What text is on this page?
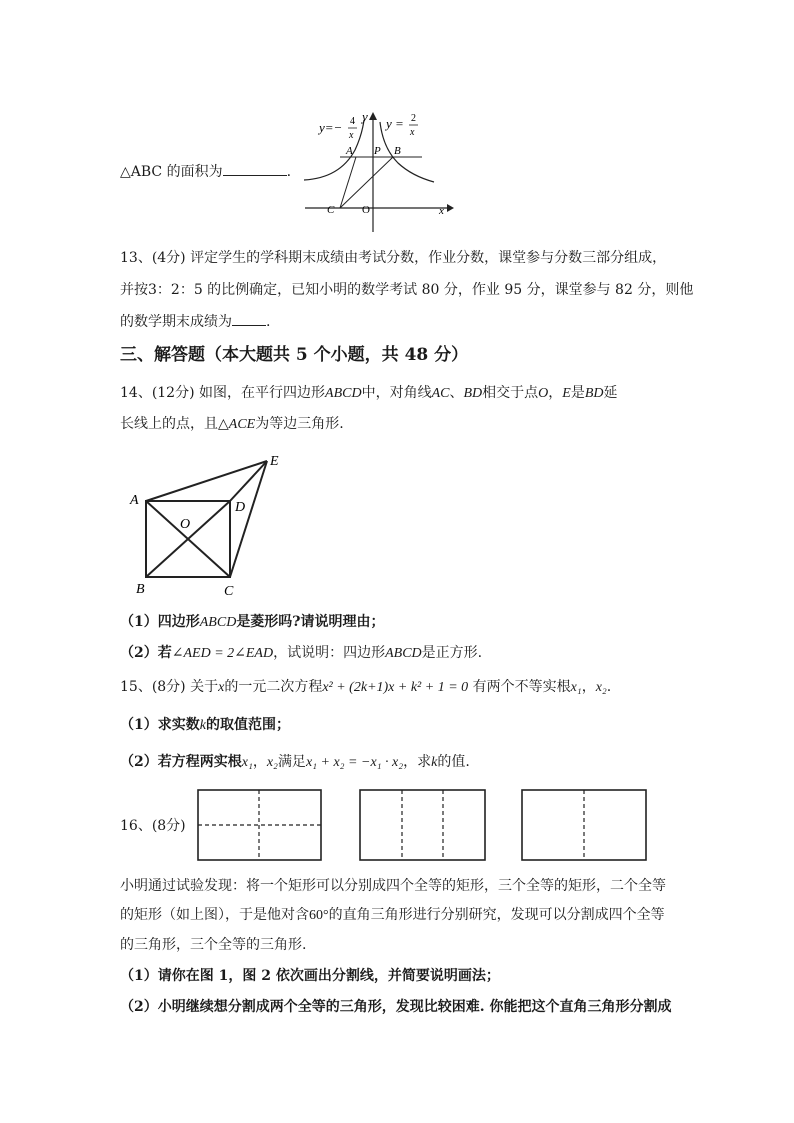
y=− 4
x
y y = 2
x
A P B
C	O	x
△ABC 的面积为	.
13、(4分) 评定学生的学科期末成绩由考试分数，作业分数，课堂参与分数三部分组成，
并按3：2：5 的比例确定，已知小明的数学考试 80 分，作业 95 分，课堂参与 82 分，则他
的数学期末成绩为 .
三、解答题（本大题共 5 个小题，共 48 分）
14、(12分) 如图，在平行四边形ABCD中，对角线AC、BD相交于点O，E是BD延
长线上的点，且△ACE为等边三角形.
A
B	C
D
E
O
（1）四边形ABCD是菱形吗?请说明理由；
（2）若∠AED = 2∠EAD，试说明：四边形ABCD是正方形.
15、(8分) 关于x的一元二次方程x² + (2k+1)x + k² + 1 = 0 有两个不等实根x₁，x₂.
（1）求实数k的取值范围；
（2）若方程两实根x₁，x₂满足x₁ + x₂ = −x₁ · x₂，求k的值.
16、(8分)
小明通过试验发现：将一个矩形可以分别成四个全等的矩形，三个全等的矩形，二个全等
的矩形（如上图），于是他对含60°的直角三角形进行分别研究，发现可以分割成四个全等
的三角形，三个全等的三角形.
（1）请你在图 1，图 2 依次画出分割线，并简要说明画法；
（2）小明继续想分割成两个全等的三角形，发现比较困难. 你能把这个直角三角形分割成
